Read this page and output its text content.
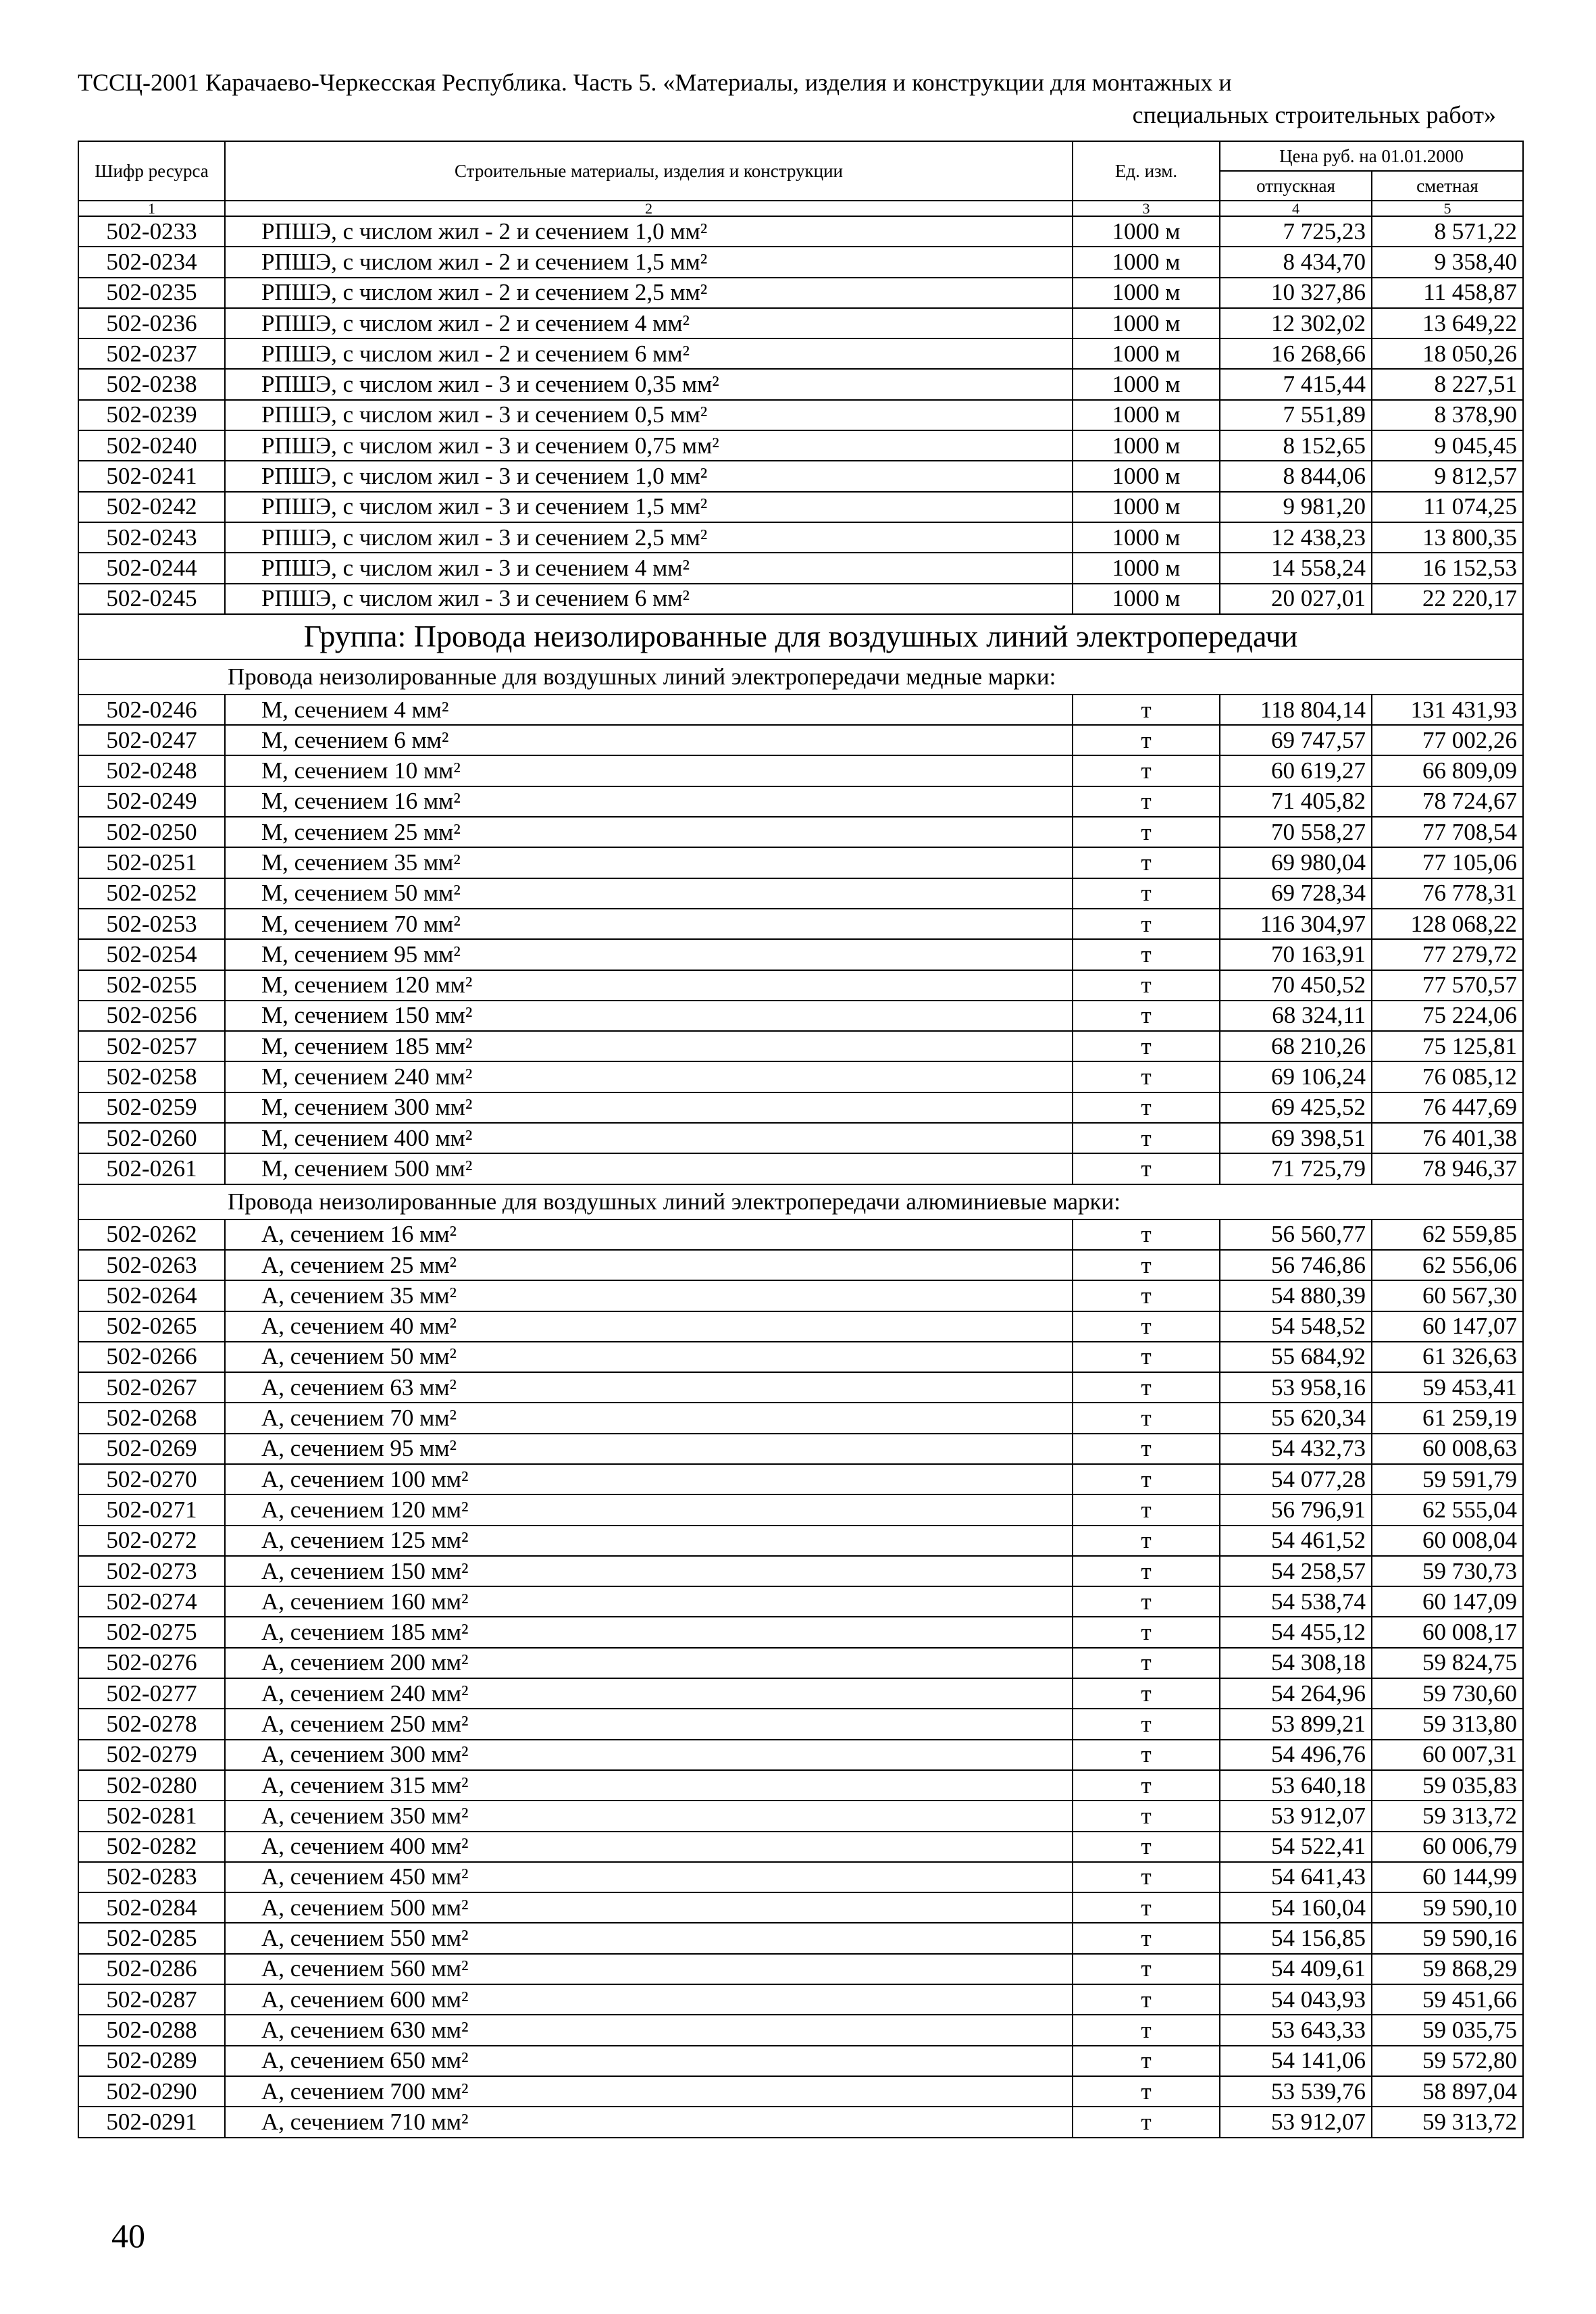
ТССЦ-2001 Карачаево-Черкесская Республика. Часть 5. «Материалы, изделия и конструкции для монтажных и
специальных строительных работ»
Шифр ресурса	Строительные материалы, изделия и конструкции	Ед. изм.	Цена руб. на 01.01.2000	
			отпускная	сметная
1	2	3	4	5
502-0233	РПШЭ, с числом жил - 2 и сечением 1,0 мм²	1000 м	7 725,23	8 571,22
502-0234	РПШЭ, с числом жил - 2 и сечением 1,5 мм²	1000 м	8 434,70	9 358,40
502-0235	РПШЭ, с числом жил - 2 и сечением 2,5 мм²	1000 м	10 327,86	11 458,87
502-0236	РПШЭ, с числом жил - 2 и сечением 4 мм²	1000 м	12 302,02	13 649,22
502-0237	РПШЭ, с числом жил - 2 и сечением 6 мм²	1000 м	16 268,66	18 050,26
502-0238	РПШЭ, с числом жил - 3 и сечением 0,35 мм²	1000 м	7 415,44	8 227,51
502-0239	РПШЭ, с числом жил - 3 и сечением 0,5 мм²	1000 м	7 551,89	8 378,90
502-0240	РПШЭ, с числом жил - 3 и сечением 0,75 мм²	1000 м	8 152,65	9 045,45
502-0241	РПШЭ, с числом жил - 3 и сечением 1,0 мм²	1000 м	8 844,06	9 812,57
502-0242	РПШЭ, с числом жил - 3 и сечением 1,5 мм²	1000 м	9 981,20	11 074,25
502-0243	РПШЭ, с числом жил - 3 и сечением 2,5 мм²	1000 м	12 438,23	13 800,35
502-0244	РПШЭ, с числом жил - 3 и сечением 4 мм²	1000 м	14 558,24	16 152,53
502-0245	РПШЭ, с числом жил - 3 и сечением 6 мм²	1000 м	20 027,01	22 220,17
Группа: Провода неизолированные для воздушных линий электропередачи				
Провода неизолированные для воздушных линий электропередачи медные марки:				
502-0246	М, сечением 4 мм²	т	118 804,14	131 431,93
502-0247	М, сечением 6 мм²	т	69 747,57	77 002,26
502-0248	М, сечением 10 мм²	т	60 619,27	66 809,09
502-0249	М, сечением 16 мм²	т	71 405,82	78 724,67
502-0250	М, сечением 25 мм²	т	70 558,27	77 708,54
502-0251	М, сечением 35 мм²	т	69 980,04	77 105,06
502-0252	М, сечением 50 мм²	т	69 728,34	76 778,31
502-0253	М, сечением 70 мм²	т	116 304,97	128 068,22
502-0254	М, сечением 95 мм²	т	70 163,91	77 279,72
502-0255	М, сечением 120 мм²	т	70 450,52	77 570,57
502-0256	М, сечением 150 мм²	т	68 324,11	75 224,06
502-0257	М, сечением 185 мм²	т	68 210,26	75 125,81
502-0258	М, сечением 240 мм²	т	69 106,24	76 085,12
502-0259	М, сечением 300 мм²	т	69 425,52	76 447,69
502-0260	М, сечением 400 мм²	т	69 398,51	76 401,38
502-0261	М, сечением 500 мм²	т	71 725,79	78 946,37
Провода неизолированные для воздушных линий электропередачи алюминиевые марки:				
502-0262	А, сечением 16 мм²	т	56 560,77	62 559,85
502-0263	А, сечением 25 мм²	т	56 746,86	62 556,06
502-0264	А, сечением 35 мм²	т	54 880,39	60 567,30
502-0265	А, сечением 40 мм²	т	54 548,52	60 147,07
502-0266	А, сечением 50 мм²	т	55 684,92	61 326,63
502-0267	А, сечением 63 мм²	т	53 958,16	59 453,41
502-0268	А, сечением 70 мм²	т	55 620,34	61 259,19
502-0269	А, сечением 95 мм²	т	54 432,73	60 008,63
502-0270	А, сечением 100 мм²	т	54 077,28	59 591,79
502-0271	А, сечением 120 мм²	т	56 796,91	62 555,04
502-0272	А, сечением 125 мм²	т	54 461,52	60 008,04
502-0273	А, сечением 150 мм²	т	54 258,57	59 730,73
502-0274	А, сечением 160 мм²	т	54 538,74	60 147,09
502-0275	А, сечением 185 мм²	т	54 455,12	60 008,17
502-0276	А, сечением 200 мм²	т	54 308,18	59 824,75
502-0277	А, сечением 240 мм²	т	54 264,96	59 730,60
502-0278	А, сечением 250 мм²	т	53 899,21	59 313,80
502-0279	А, сечением 300 мм²	т	54 496,76	60 007,31
502-0280	А, сечением 315 мм²	т	53 640,18	59 035,83
502-0281	А, сечением 350 мм²	т	53 912,07	59 313,72
502-0282	А, сечением 400 мм²	т	54 522,41	60 006,79
502-0283	А, сечением 450 мм²	т	54 641,43	60 144,99
502-0284	А, сечением 500 мм²	т	54 160,04	59 590,10
502-0285	А, сечением 550 мм²	т	54 156,85	59 590,16
502-0286	А, сечением 560 мм²	т	54 409,61	59 868,29
502-0287	А, сечением 600 мм²	т	54 043,93	59 451,66
502-0288	А, сечением 630 мм²	т	53 643,33	59 035,75
502-0289	А, сечением 650 мм²	т	54 141,06	59 572,80
502-0290	А, сечением 700 мм²	т	53 539,76	58 897,04
502-0291	А, сечением 710 мм²	т	53 912,07	59 313,72
40
